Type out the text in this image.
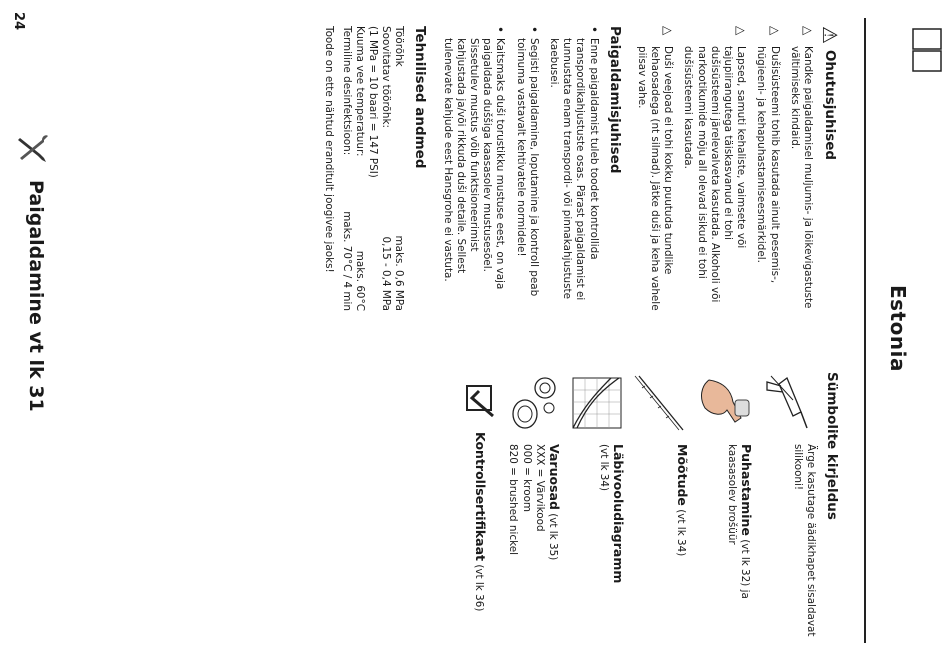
Estonia
⚠
Ohutusjuhised
△

Kandke paigaldamisel muljumis- ja lõikevigastuste vältimiseks kindaid.

△

Dušisüsteemi tohib kasutada ainult pesemis-, hügieeni- ja kehapuhastamiseesmärkidel.

△

Lapsed, samuti kehaliste, vaimsete või tajupiirangutega täiskasvanud ei tohi dušisüsteemi järelevalveta kasutada. Alkoholi või narkootikumide mõju all olevad isikud ei tohi dušisüsteemi kasutada.

△

Duši veejoad ei tohi kokku puutuda tundlike kehaosadega (nt silmad). Jätke duši ja keha vahele piisav vahe.

Paigaldamisjuhised
•
Enne paigaldamist tuleb toodet kontrollida transpordikahjustuste osas. Pärast paigaldamist ei tunnustata enam transpordi- või pinnakahjustuste kaebusei.
•
Segisti paigaldamine, loputamine ja kontroll peab toimuma vastavalt kehtivatele normidele!
•
Kaitsmaks duši torustikku mustuse eest, on vaja paigaldada duššiga kaasasolev mustusesõel. Sissetulev mustus võib funktsioneerimist kahjustada ja/või rikkuda duši detaile. Sellest tulenevate kahjude eest Hansgrohe ei vastuta.
Tehnilised andmed
Töörõhk
maks. 0,6 MPa
Soovitatav töörõhk:
0,15 - 0,4 MPa
(1 MPa = 10 baari = 147 PSI)
Kuuma vee temperatuur:
maks. 60°C
Termiline desinfektsioon:
maks. 70°C / 4 min

Toode on ette nähtud eranditult joogivee jaoks!

Sümbolite kirjeldus

Ärge kasutage äädikhapet sisaldavat silikooni!

Puhastamine (vt lk 32) ja kaasasolev brošüür

Mõõtude (vt lk 34)

Läbivooludiagramm
(vt lk 34)

Varuosad (vt lk 35)

XXX = Värvikood

000 = kroom

820 = brushed nickel

Kontrollsertifikaat (vt lk 36)

24
Paigaldamine vt lk 31
